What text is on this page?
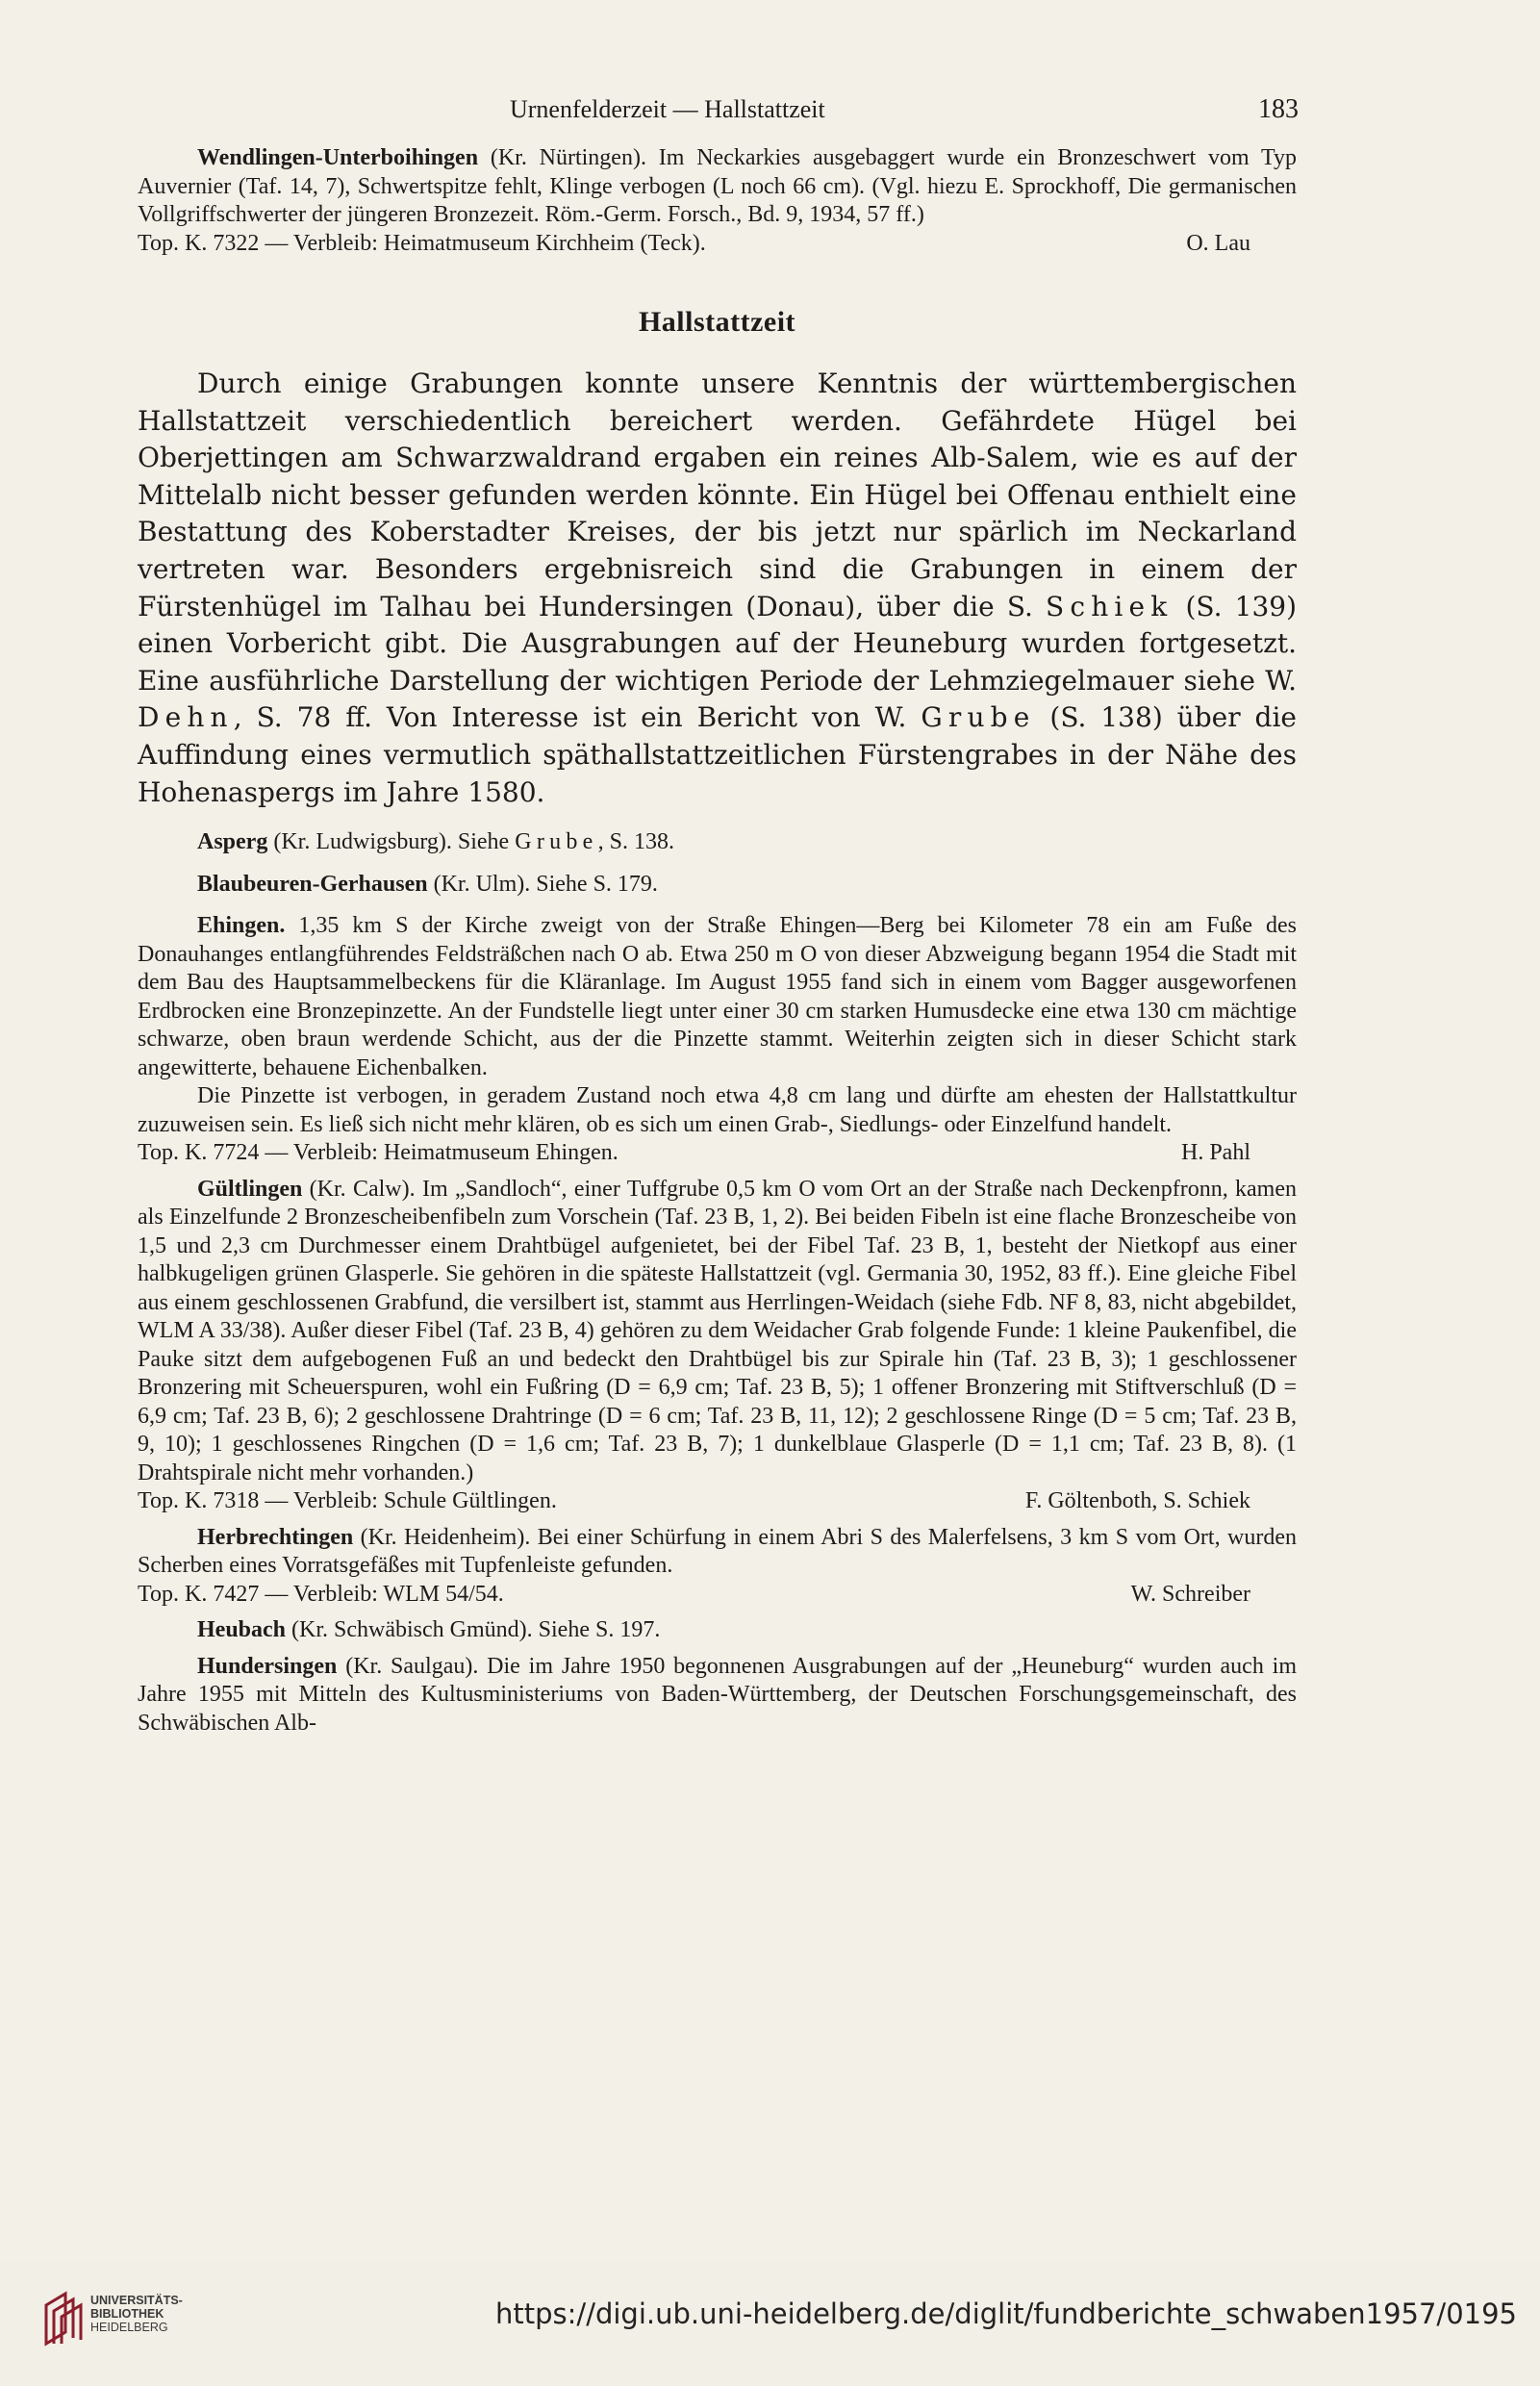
Urnenfelderzeit — Hallstattzeit	183

Wendlingen-Unterboihingen (Kr. Nürtingen). Im Neckarkies ausgebaggert wurde ein Bronzeschwert vom Typ Auvernier (Taf. 14, 7), Schwertspitze fehlt, Klinge verbogen (L noch 66 cm). (Vgl. hiezu E. Sprockhoff, Die germanischen Vollgriffschwerter der jüngeren Bronzezeit. Röm.-Germ. Forsch., Bd. 9, 1934, 57 ff.)

Top. K. 7322 — Verbleib: Heimatmuseum Kirchheim (Teck).	O. Lau

Hallstattzeit

Durch einige Grabungen konnte unsere Kenntnis der württembergischen Hallstattzeit verschiedentlich bereichert werden. Gefährdete Hügel bei Oberjettingen am Schwarzwaldrand ergaben ein reines Alb-Salem, wie es auf der Mittelalb nicht besser gefunden werden könnte. Ein Hügel bei Offenau enthielt eine Bestattung des Koberstadter Kreises, der bis jetzt nur spärlich im Neckarland vertreten war. Besonders ergebnisreich sind die Grabungen in einem der Fürstenhügel im Talhau bei Hundersingen (Donau), über die S. Schiek (S. 139) einen Vorbericht gibt. Die Ausgrabungen auf der Heuneburg wurden fortgesetzt. Eine ausführliche Darstellung der wichtigen Periode der Lehmziegelmauer siehe W. Dehn, S. 78 ff. Von Interesse ist ein Bericht von W. Grube (S. 138) über die Auffindung eines vermutlich späthallstattzeitlichen Fürstengrabes in der Nähe des Hohenaspergs im Jahre 1580.

Asperg (Kr. Ludwigsburg). Siehe Grube, S. 138.

Blaubeuren-Gerhausen (Kr. Ulm). Siehe S. 179.

Ehingen. 1,35 km S der Kirche zweigt von der Straße Ehingen—Berg bei Kilometer 78 ein am Fuße des Donauhanges entlangführendes Feldsträßchen nach O ab. Etwa 250 m O von dieser Abzweigung begann 1954 die Stadt mit dem Bau des Hauptsammelbeckens für die Kläranlage. Im August 1955 fand sich in einem vom Bagger ausgeworfenen Erdbrocken eine Bronzepinzette. An der Fundstelle liegt unter einer 30 cm starken Humusdecke eine etwa 130 cm mächtige schwarze, oben braun werdende Schicht, aus der die Pinzette stammt. Weiterhin zeigten sich in dieser Schicht stark angewitterte, behauene Eichenbalken.

Die Pinzette ist verbogen, in geradem Zustand noch etwa 4,8 cm lang und dürfte am ehesten der Hallstattkultur zuzuweisen sein. Es ließ sich nicht mehr klären, ob es sich um einen Grab-, Siedlungs- oder Einzelfund handelt.

Top. K. 7724 — Verbleib: Heimatmuseum Ehingen.	H. Pahl

Gültlingen (Kr. Calw). Im „Sandloch“, einer Tuffgrube 0,5 km O vom Ort an der Straße nach Deckenpfronn, kamen als Einzelfunde 2 Bronzescheibenfibeln zum Vorschein (Taf. 23 B, 1, 2). Bei beiden Fibeln ist eine flache Bronzescheibe von 1,5 und 2,3 cm Durchmesser einem Drahtbügel aufgenietet, bei der Fibel Taf. 23 B, 1, besteht der Nietkopf aus einer halbkugeligen grünen Glasperle. Sie gehören in die späteste Hallstattzeit (vgl. Germania 30, 1952, 83 ff.). Eine gleiche Fibel aus einem geschlossenen Grabfund, die versilbert ist, stammt aus Herrlingen-Weidach (siehe Fdb. NF 8, 83, nicht abgebildet, WLM A 33/38). Außer dieser Fibel (Taf. 23 B, 4) gehören zu dem Weidacher Grab folgende Funde: 1 kleine Paukenfibel, die Pauke sitzt dem aufgebogenen Fuß an und bedeckt den Drahtbügel bis zur Spirale hin (Taf. 23 B, 3); 1 geschlossener Bronzering mit Scheuerspuren, wohl ein Fußring (D = 6,9 cm; Taf. 23 B, 5); 1 offener Bronzering mit Stiftverschluß (D = 6,9 cm; Taf. 23 B, 6); 2 geschlossene Drahtringe (D = 6 cm; Taf. 23 B, 11, 12); 2 geschlossene Ringe (D = 5 cm; Taf. 23 B, 9, 10); 1 geschlossenes Ringchen (D = 1,6 cm; Taf. 23 B, 7); 1 dunkelblaue Glasperle (D = 1,1 cm; Taf. 23 B, 8). (1 Drahtspirale nicht mehr vorhanden.)

Top. K. 7318 — Verbleib: Schule Gültlingen.	F. Göltenboth, S. Schiek

Herbrechtingen (Kr. Heidenheim). Bei einer Schürfung in einem Abri S des Malerfelsens, 3 km S vom Ort, wurden Scherben eines Vorratsgefäßes mit Tupfenleiste gefunden.

Top. K. 7427 — Verbleib: WLM 54/54.	W. Schreiber

Heubach (Kr. Schwäbisch Gmünd). Siehe S. 197.

Hundersingen (Kr. Saulgau). Die im Jahre 1950 begonnenen Ausgrabungen auf der „Heuneburg“ wurden auch im Jahre 1955 mit Mitteln des Kultusministeriums von Baden-Württemberg, der Deutschen Forschungsgemeinschaft, des Schwäbischen Alb-

UNIVERSITÄTS-
BIBLIOTHEK
HEIDELBERG	https://digi.ub.uni-heidelberg.de/diglit/fundberichte_schwaben1957/0195
